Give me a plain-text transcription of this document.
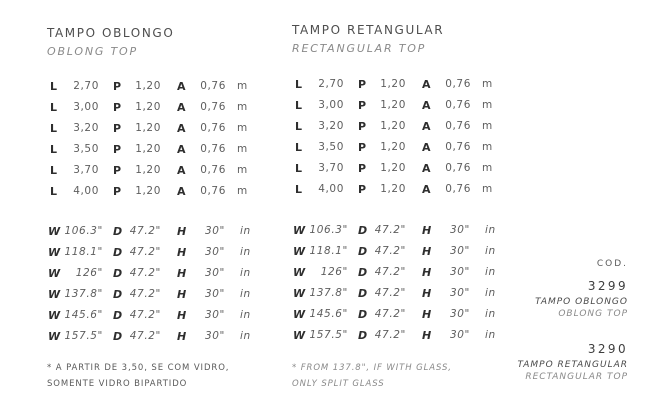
TAMPO OBLONGO
OBLONG TOP
L 2,70 P 1,20 A 0,76 m
L 3,00 P 1,20 A 0,76 m
L 3,20 P 1,20 A 0,76 m
L 3,50 P 1,20 A 0,76 m
L 3,70 P 1,20 A 0,76 m
L 4,00 P 1,20 A 0,76 m
W 106.3" D 47.2" H 30" in
W 118.1" D 47.2" H 30" in
W 126" D 47.2" H 30" in
W 137.8" D 47.2" H 30" in
W 145.6" D 47.2" H 30" in
W 157.5" D 47.2" H 30" in
* A PARTIR DE 3,50, SE COM VIDRO,
SOMENTE VIDRO BIPARTIDO
TAMPO RETANGULAR
RECTANGULAR TOP
L 2,70 P 1,20 A 0,76 m
L 3,00 P 1,20 A 0,76 m
L 3,20 P 1,20 A 0,76 m
L 3,50 P 1,20 A 0,76 m
L 3,70 P 1,20 A 0,76 m
L 4,00 P 1,20 A 0,76 m
W 106.3" D 47.2" H 30" in
W 118.1" D 47.2" H 30" in
W 126" D 47.2" H 30" in
W 137.8" D 47.2" H 30" in
W 145.6" D 47.2" H 30" in
W 157.5" D 47.2" H 30" in
* FROM 137.8", IF WITH GLASS,
ONLY SPLIT GLASS
COD.
3299
TAMPO OBLONGO
OBLONG TOP
3290
TAMPO RETANGULAR
RECTANGULAR TOP
